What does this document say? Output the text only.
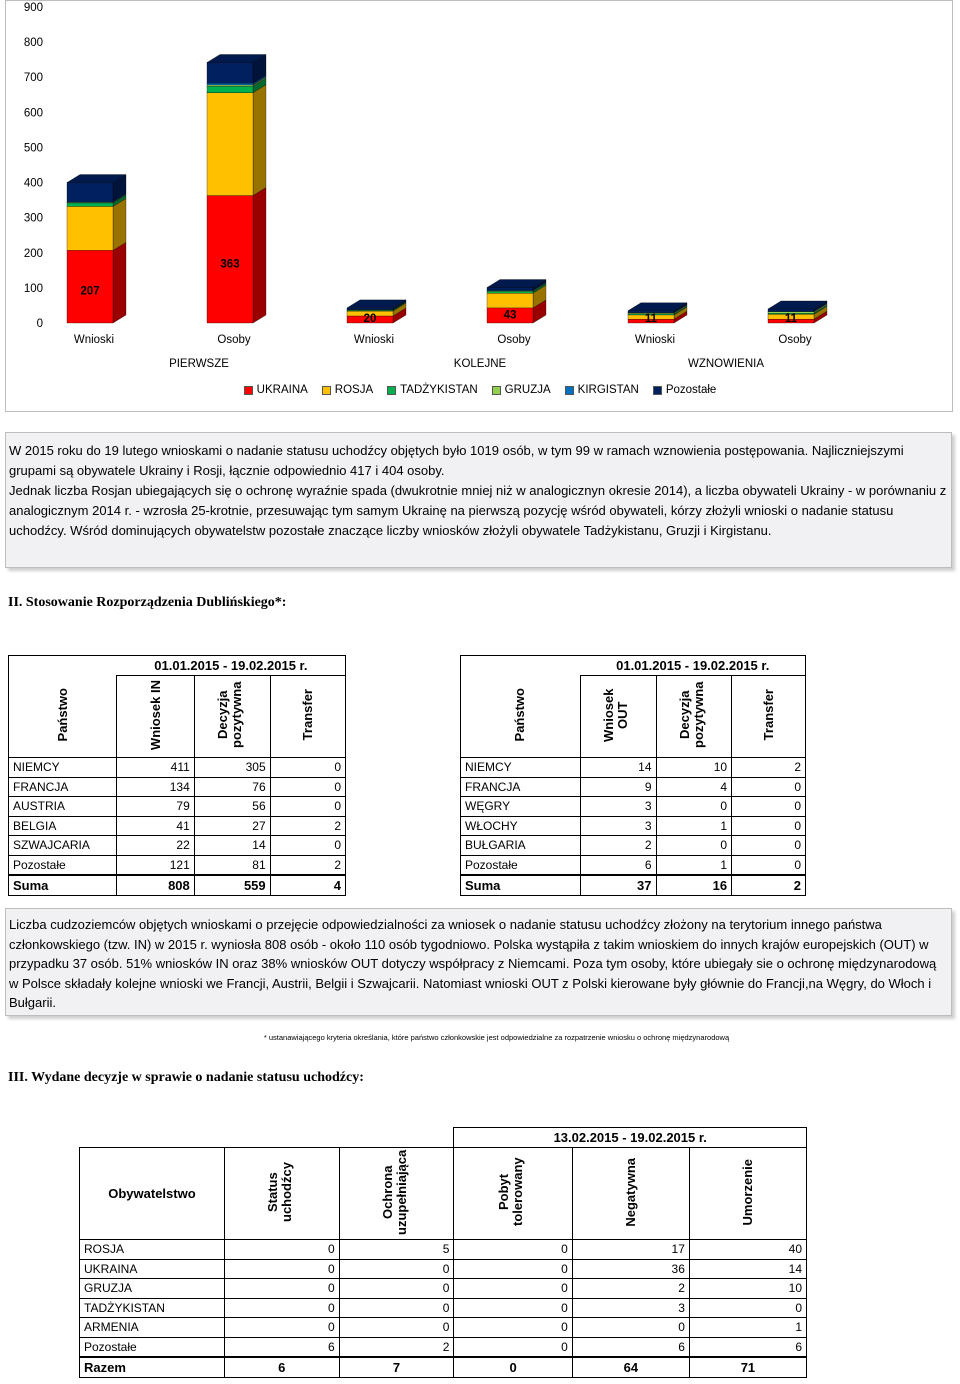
900
800
700
600
500
400
300
200
100
0
207
Wnioski
363
Osoby
20
Wnioski
43
Osoby
11
Wnioski
11
Osoby
PIERWSZE	KOLEJNE	WZNOWIENIA
UKRAINA ROSJA TADŻYKISTAN GRUZJA KIRGISTAN Pozostałe
W 2015 roku do 19 lutego wnioskami o nadanie statusu uchodźcy objętych było 1019 osób, w tym 99 w ramach wznowienia postępowania. Najliczniejszymi grupami są obywatele Ukrainy i Rosji, łącznie odpowiednio 417 i 404 osoby.
Jednak liczba Rosjan ubiegających się o ochronę wyraźnie spada (dwukrotnie mniej niż w analogicznyn okresie 2014), a liczba obywateli Ukrainy - w porównaniu z analogicznym 2014 r. - wzrosła 25-krotnie, przesuwając tym samym Ukrainę na pierwszą pozycję wśród obywateli, kórzy złożyli wnioski o nadanie statusu uchodźcy. Wśród dominujących obywatelstw pozostałe znaczące liczby wniosków złożyli obywatele Tadżykistanu, Gruzji i Kirgistanu.
II. Stosowanie Rozporządzenia Dublińskiego*:
	01.01.2015 - 19.02.2015 r.		
Państwo	Wniosek IN	Decyzja pozytywna	Transfer
NIEMCY	411	305	0
FRANCJA	134	76	0
AUSTRIA	79	56	0
BELGIA	41	27	2
SZWAJCARIA	22	14	0
Pozostałe	121	81	2
Suma	808	559	4
	01.01.2015 - 19.02.2015 r.		
Państwo	Wniosek OUT	Decyzja pozytywna	Transfer
NIEMCY	14	10	2
FRANCJA	9	4	0
WĘGRY	3	0	0
WŁOCHY	3	1	0
BUŁGARIA	2	0	0
Pozostałe	6	1	0
Suma	37	16	2
Liczba cudzoziemców objętych wnioskami o przejęcie odpowiedzialności za wniosek o nadanie statusu uchodźcy złożony na terytorium innego państwa członkowskiego (tzw. IN) w 2015 r. wyniosła 808 osób - około 110 osób tygodniowo. Polska wystąpiła z takim wnioskiem do innych krajów europejskich (OUT) w przypadku 37 osób. 51% wniosków IN oraz 38% wniosków OUT dotyczy współpracy z Niemcami. Poza tym osoby, które ubiegały sie o ochronę międzynarodową w Polsce składały kolejne wnioski we Francji, Austrii, Belgii i Szwajcarii. Natomiast wnioski OUT z Polski kierowane były głównie do Francji,na Węgry, do Włoch i Bułgarii.
* ustanawiającego kryteria określania, które państwo członkowskie jest odpowiedzialne za rozpatrzenie wniosku o ochronę międzynarodową
III. Wydane decyzje w sprawie o nadanie statusu uchodźcy:
			13.02.2015 - 19.02.2015 r.		
Obywatelstwo	Status uchodźcy	Ochrona uzupełniająca	Pobyt tolerowany	Negatywna	Umorzenie
ROSJA	0	5	0	17	40
UKRAINA	0	0	0	36	14
GRUZJA	0	0	0	2	10
TADŻYKISTAN	0	0	0	3	0
ARMENIA	0	0	0	0	1
Pozostałe	6	2	0	6	6
Razem	6	7	0	64	71
